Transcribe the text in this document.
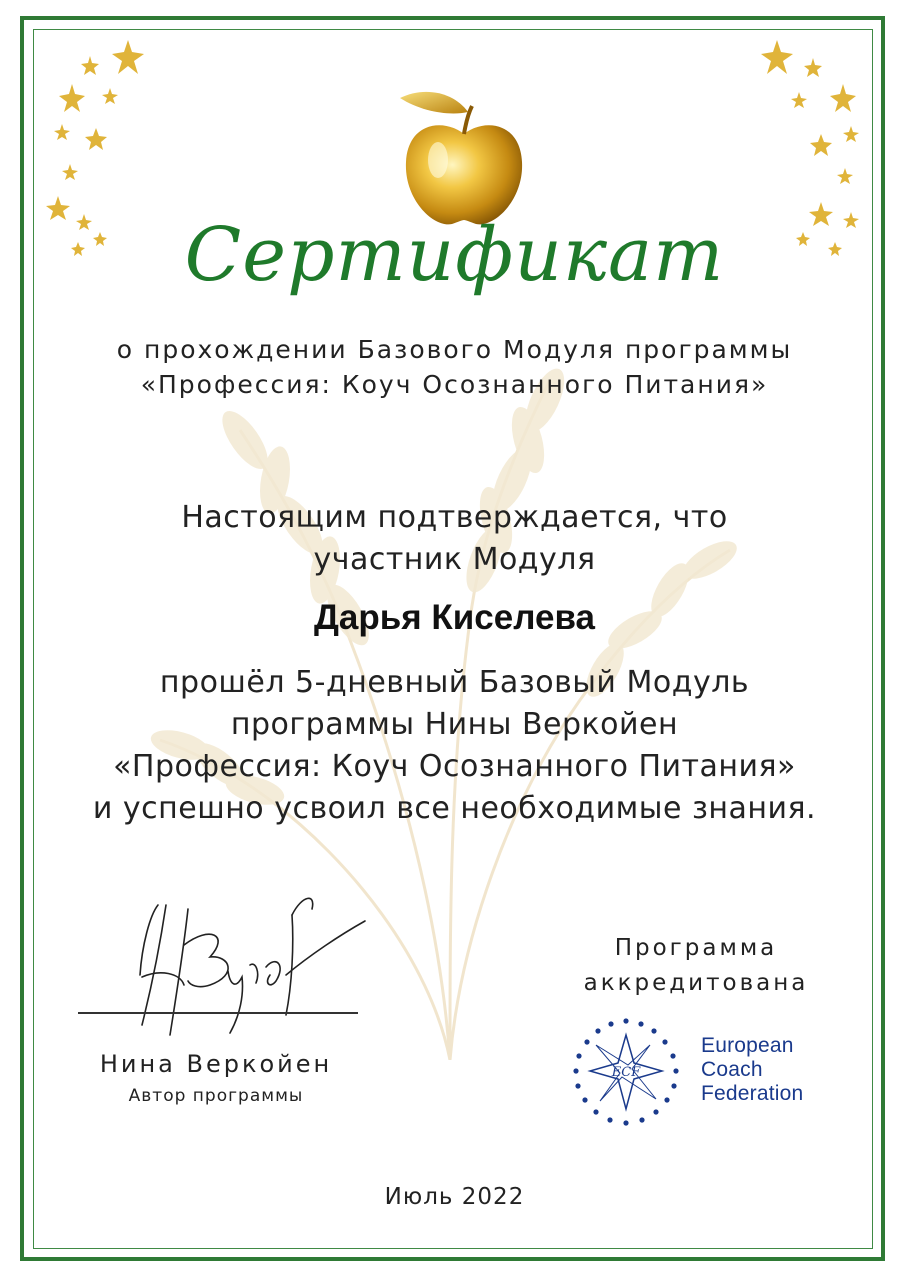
Сертификат
о прохождении Базового Модуля программы
«Профессия: Коуч Осознанного Питания»
Настоящим подтверждается, что
участник Модуля
Дарья Киселева
прошёл 5-дневный Базовый Модуль
программы Нины Веркойен
«Профессия: Коуч Осознанного Питания»
и успешно усвоил все необходимые знания.
Нина Веркойен
Автор программы
Программа
аккредитована
ECF
European
Coach
Federation
Июль 2022
